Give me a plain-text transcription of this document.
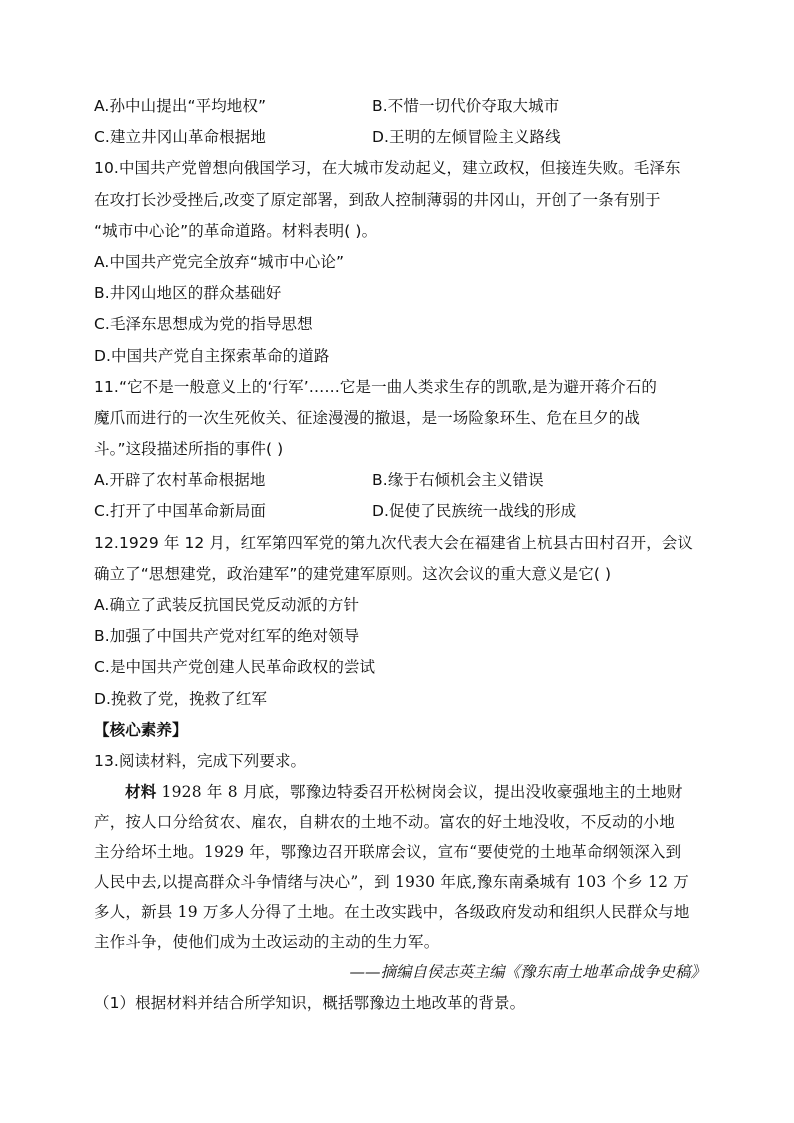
A.孙中山提出“平均地权”	B.不惜一切代价夺取大城市
C.建立井冈山革命根据地	D.王明的左倾冒险主义路线
10.中国共产党曾想向俄国学习，在大城市发动起义，建立政权，但接连失败。毛泽东
在攻打长沙受挫后,改变了原定部署，到敌人控制薄弱的井冈山，开创了一条有别于
“城市中心论”的革命道路。材料表明( )。
A.中国共产党完全放弃“城市中心论”
B.井冈山地区的群众基础好
C.毛泽东思想成为党的指导思想
D.中国共产党自主探索革命的道路
11.“它不是一般意义上的‘行军’……它是一曲人类求生存的凯歌,是为避开蒋介石的
魔爪而进行的一次生死攸关、征途漫漫的撤退，是一场险象环生、危在旦夕的战
斗。”这段描述所指的事件( )
A.开辟了农村革命根据地	B.缘于右倾机会主义错误
C.打开了中国革命新局面	D.促使了民族统一战线的形成
12.1929 年 12 月，红军第四军党的第九次代表大会在福建省上杭县古田村召开，会议
确立了“思想建党，政治建军”的建党建军原则。这次会议的重大意义是它( )
A.确立了武装反抗国民党反动派的方针
B.加强了中国共产党对红军的绝对领导
C.是中国共产党创建人民革命政权的尝试
D.挽救了党，挽救了红军
【核心素养】
13.阅读材料，完成下列要求。
材料 1928 年 8 月底，鄂豫边特委召开松树岗会议，提出没收豪强地主的土地财
产，按人口分给贫农、雇农，自耕农的土地不动。富农的好土地没收，不反动的小地
主分给坏土地。1929 年，鄂豫边召开联席会议，宣布“要使党的土地革命纲领深入到
人民中去,以提高群众斗争情绪与决心”，到 1930 年底,豫东南桑城有 103 个乡 12 万
多人，新县 19 万多人分得了土地。在土改实践中，各级政府发动和组织人民群众与地
主作斗争，使他们成为土改运动的主动的生力军。
——摘编自侯志英主编《豫东南土地革命战争史稿》
（1）根据材料并结合所学知识，概括鄂豫边土地改革的背景。
